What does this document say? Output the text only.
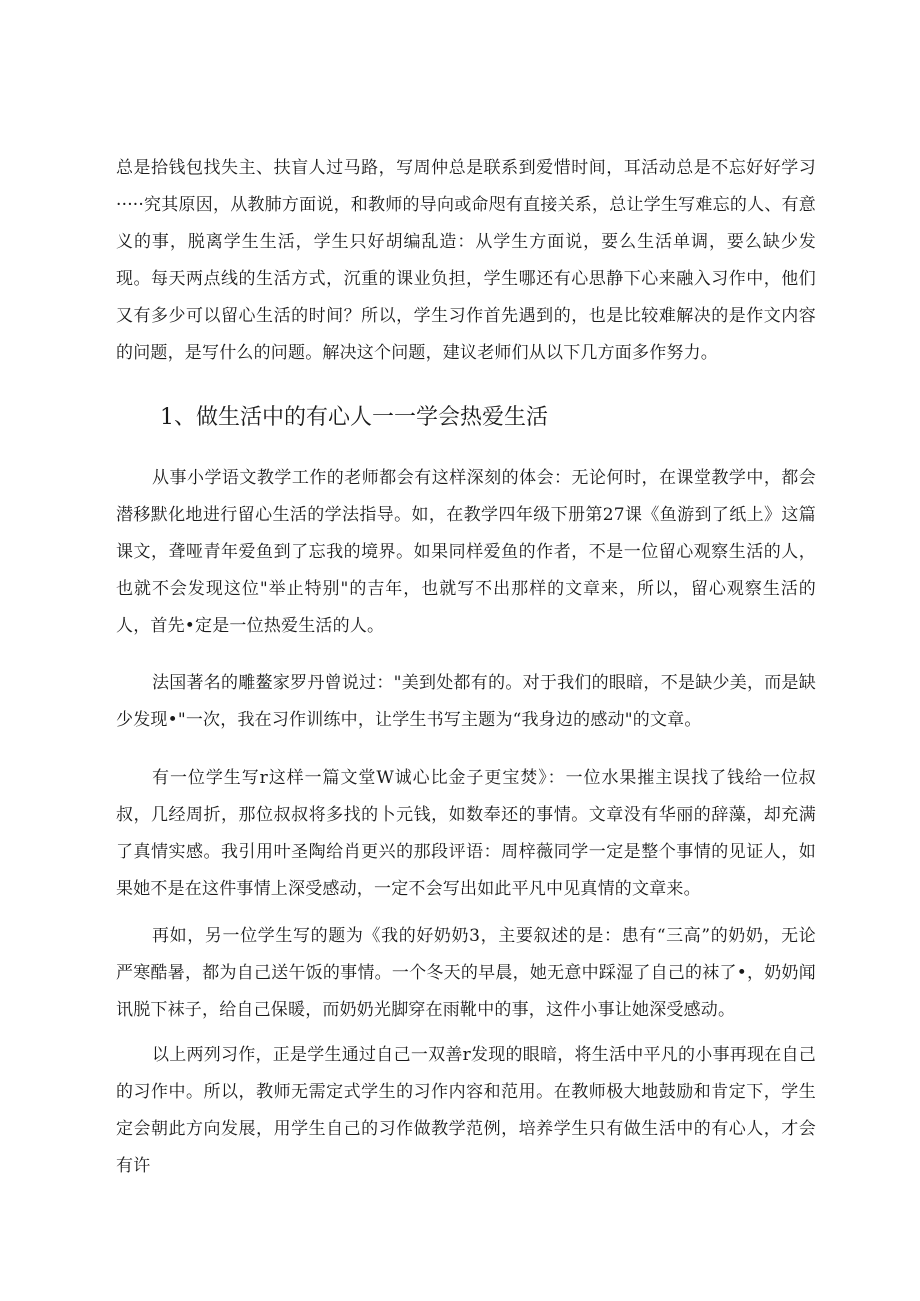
总是拾钱包找失主、扶盲人过马路，写周仲总是联系到爱惜时间，耳活动总是不忘好好学习·····究其原因，从教肺方面说，和教师的导向或命咫有直接关系，总让学生写难忘的人、有意义的事，脱离学生生活，学生只好胡编乱造：从学生方面说，要么生活单调，要么缺少发现。每天两点线的生活方式，沉重的课业负担，学生哪还有心思静下心来融入习作中，他们又有多少可以留心生活的时间？所以，学生习作首先遇到的，也是比较难解决的是作文内容的问题，是写什么的问题。解决这个问题，建议老师们从以下几方面多作努力。

1、做生活中的有心人一一学会热爱生活

从事小学语文教学工作的老师都会有这样深刻的体会：无论何时，在课堂教学中，都会潜移默化地进行留心生活的学法指导。如，在教学四年级下册第27课《鱼游到了纸上》这篇课文，聋哑青年爱鱼到了忘我的境界。如果同样爱鱼的作者，不是一位留心观察生活的人，也就不会发现这位"举止特别"的吉年，也就写不出那样的文章来，所以，留心观察生活的人，首先•定是一位热爱生活的人。

法国著名的雕鳌家罗丹曾说过："美到处都有的。对于我们的眼暗，不是缺少美，而是缺少发现•"一次，我在习作训练中，让学生书写主题为“我身边的感动"的文章。

有一位学生写r这样一篇文堂W诚心比金子更宝焚》：一位水果摧主误找了钱给一位叔叔，几经周折，那位叔叔将多找的卜元钱，如数奉还的事情。文章没有华丽的辞藻，却充满了真情实感。我引用叶圣陶给肖更兴的那段评语：周梓薇同学一定是整个事情的见证人，如果她不是在这件事情上深受感动，一定不会写出如此平凡中见真情的文章来。

再如，另一位学生写的题为《我的好奶奶3，主要叙述的是：患有“三高”的奶奶，无论严寒酷暑，都为自己送午饭的事情。一个冬天的早晨，她无意中踩湿了自己的袜了•，奶奶闻讯脱下袜子，给自己保暖，而奶奶光脚穿在雨靴中的事，这件小事让她深受感动。

以上两列习作，正是学生通过自己一双善r发现的眼暗，将生活中平凡的小事再现在自己的习作中。所以，教师无需定式学生的习作内容和范用。在教师极大地鼓励和肯定下，学生定会朝此方向发展，用学生自己的习作做教学范例，培养学生只有做生活中的有心人，才会有许
